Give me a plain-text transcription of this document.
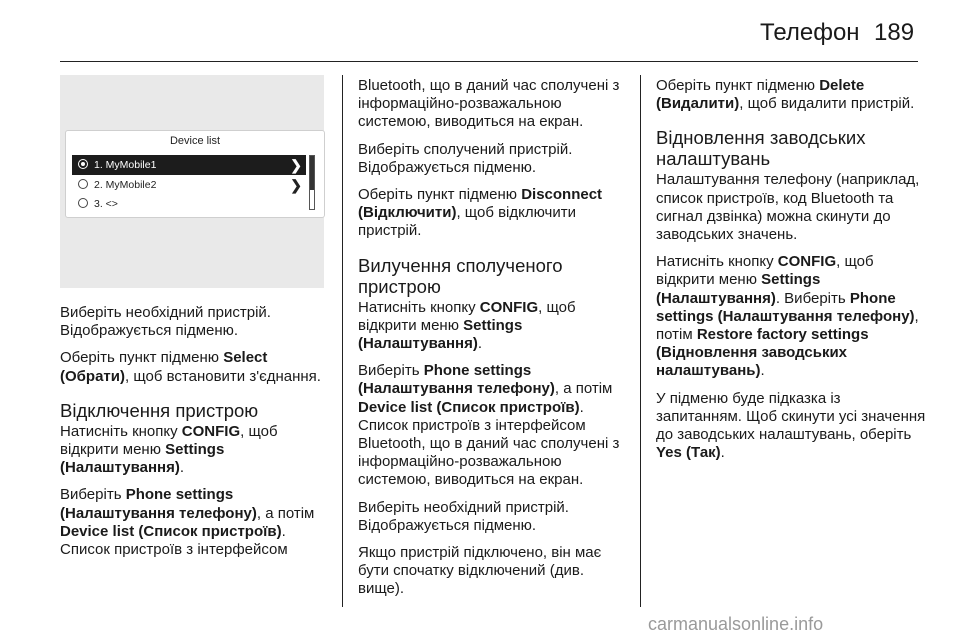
Телефон 189
Device list
1. MyMobile1	❯
2. MyMobile2	❯
3. <>

Виберіть необхідний пристрій. Відображується підменю.

Оберіть пункт підменю Select (Обрати), щоб встановити з'єднання.

Відключення пристрою

Натисніть кнопку CONFIG, щоб відкрити меню Settings (Налаштування).

Виберіть Phone settings (Налаштування телефону), а потім Device list (Список пристроїв).
Список пристроїв з інтерфейсом

Bluetooth, що в даний час сполучені з інформаційно-розважальною системою, виводиться на екран.

Виберіть сполучений пристрій. Відображується підменю.

Оберіть пункт підменю Disconnect (Відключити), щоб відключити пристрій.

Вилучення сполученого пристрою

Натисніть кнопку CONFIG, щоб відкрити меню Settings (Налаштування).

Виберіть Phone settings (Налаштування телефону), а потім Device list (Список пристроїв).
Список пристроїв з інтерфейсом Bluetooth, що в даний час сполучені з інформаційно-розважальною системою, виводиться на екран.

Виберіть необхідний пристрій. Відображується підменю.

Якщо пристрій підключено, він має бути спочатку відключений (див. вище).

Оберіть пункт підменю Delete (Видалити), щоб видалити пристрій.

Відновлення заводських налаштувань

Налаштування телефону (наприклад, список пристроїв, код Bluetooth та сигнал дзвінка) можна скинути до заводських значень.

Натисніть кнопку CONFIG, щоб відкрити меню Settings (Налаштування). Виберіть Phone settings (Налаштування телефону), потім Restore factory settings (Відновлення заводських налаштувань).

У підменю буде підказка із запитанням. Щоб скинути усі значення до заводських налаштувань, оберіть Yes (Так).

carmanualsonline.info
